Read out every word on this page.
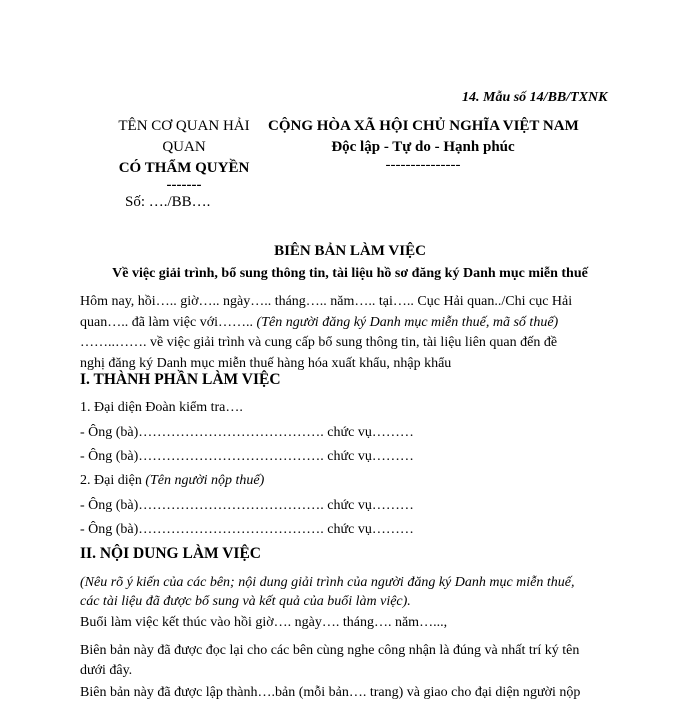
14. Mẫu số 14/BB/TXNK
TÊN CƠ QUAN HẢI
QUAN
CÓ THẨM QUYỀN
-------
CỘNG HÒA XÃ HỘI CHỦ NGHĨA VIỆT NAM
Độc lập - Tự do - Hạnh phúc
---------------
Số: …./BB….
BIÊN BẢN LÀM VIỆC
Về việc giải trình, bổ sung thông tin, tài liệu hồ sơ đăng ký Danh mục miễn thuế
Hôm nay, hồi….. giờ….. ngày….. tháng….. năm….. tại….. Cục Hải quan../Chi cục Hải
quan….. đã làm việc với…….. (Tên người đăng ký Danh mục miễn thuế, mã số thuế)
……..……. về việc giải trình và cung cấp bổ sung thông tin, tài liệu liên quan đến đề
nghị đăng ký Danh mục miễn thuế hàng hóa xuất khẩu, nhập khẩu
I. THÀNH PHẦN LÀM VIỆC
1. Đại diện Đoàn kiểm tra….
- Ông (bà)…………………………………. chức vụ………
- Ông (bà)…………………………………. chức vụ………
2. Đại diện (Tên người nộp thuế)
- Ông (bà)…………………………………. chức vụ………
- Ông (bà)…………………………………. chức vụ………
II. NỘI DUNG LÀM VIỆC
(Nêu rõ ý kiến của các bên; nội dung giải trình của người đăng ký Danh mục miễn thuế,
các tài liệu đã được bổ sung và kết quả của buổi làm việc).
Buổi làm việc kết thúc vào hồi giờ…. ngày…. tháng…. năm…...,
Biên bản này đã được đọc lại cho các bên cùng nghe công nhận là đúng và nhất trí ký tên
dưới đây.
Biên bản này đã được lập thành….bản (mỗi bản…. trang) và giao cho đại diện người nộp
